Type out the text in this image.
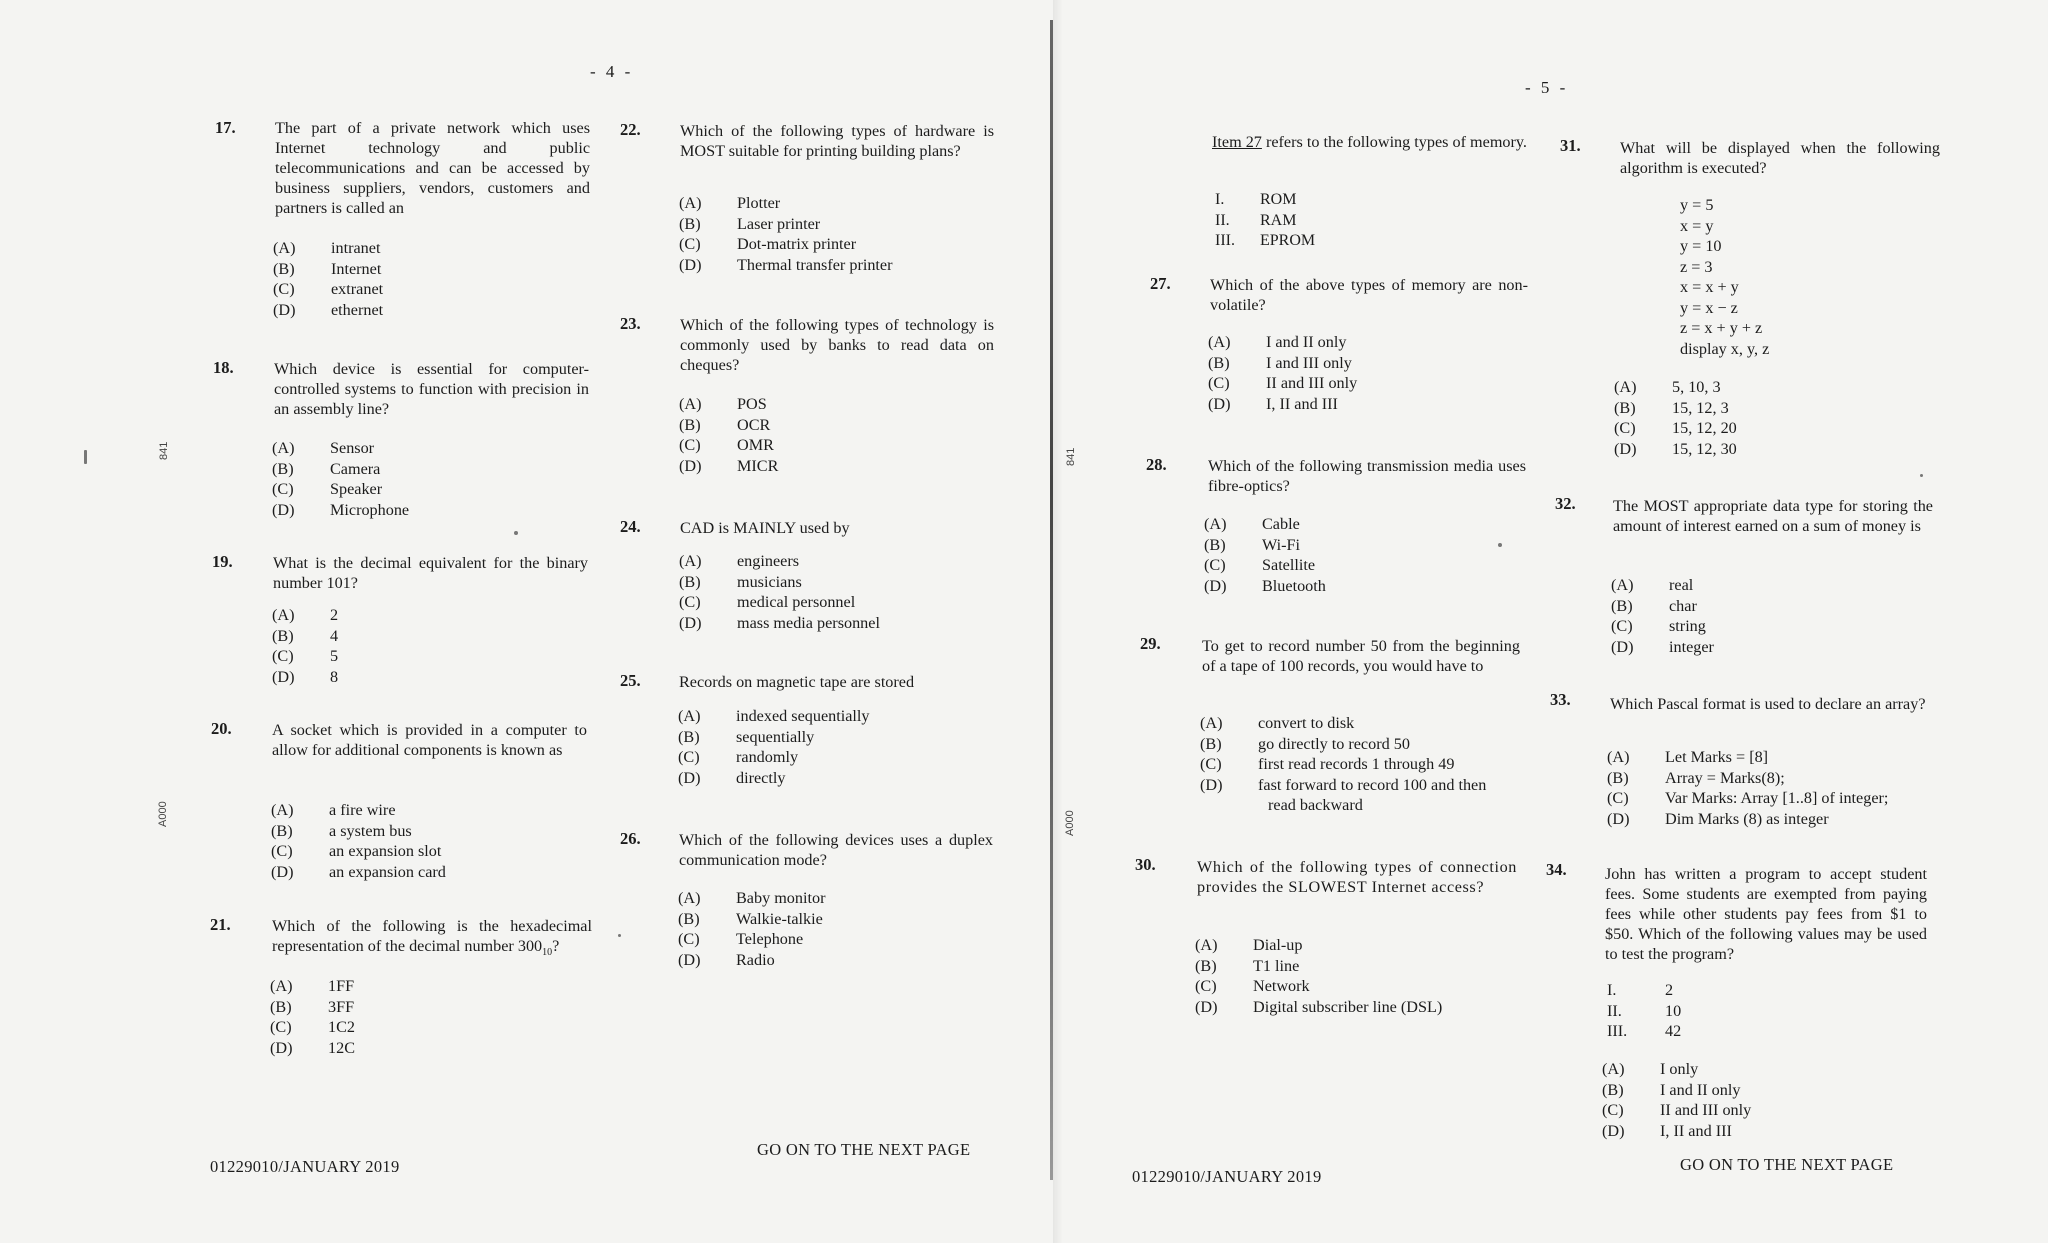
- 4 -
841
A000
17. The part of a private network which uses Internet technology and public telecommunications and can be accessed by business suppliers, vendors, customers and partners is called an
(A)	intranet
(B)	Internet
(C)	extranet
(D)	ethernet
18. Which device is essential for computer-controlled systems to function with precision in an assembly line?
(A)	Sensor
(B)	Camera
(C)	Speaker
(D)	Microphone
19. What is the decimal equivalent for the binary number 101?
(A)	2
(B)	4
(C)	5
(D)	8
20. A socket which is provided in a computer to allow for additional components is known as
(A)	a fire wire
(B)	a system bus
(C)	an expansion slot
(D)	an expansion card
21.	Which of the following is the hexadecimal representation of the decimal number $300_{10}$?
(A)	1FF
(B)	3FF
(C)	1C2
(D)	12C
22. Which of the following types of hardware is MOST suitable for printing building plans?
(A)	Plotter
(B)	Laser printer
(C)	Dot-matrix printer
(D)	Thermal transfer printer
23. Which of the following types of technology is commonly used by banks to read data on cheques?
(A)	POS
(B)	OCR
(C)	OMR
(D)	MICR
24. CAD is MAINLY used by
(A)	engineers
(B)	musicians
(C)	medical personnel
(D)	mass media personnel
25. Records on magnetic tape are stored
(A)	indexed sequentially
(B)	sequentially
(C)	randomly
(D)	directly
26. Which of the following devices uses a duplex communication mode?
(A)	Baby monitor
(B)	Walkie-talkie
(C)	Telephone
(D)	Radio
01229010/JANUARY 2019
GO ON TO THE NEXT PAGE
- 5 -
841
A000
Item 27 refers to the following types of memory.
I.	ROM
II.	RAM
III.	EPROM
27. Which of the above types of memory are non-volatile?
(A)	I and II only
(B)	I and III only
(C)	II and III only
(D)	I, II and III
28.	Which of the following transmission media uses fibre-optics?
(A)	Cable
(B)	Wi-Fi
(C)	Satellite
(D)	Bluetooth
29.	To get to record number 50 from the beginning of a tape of 100 records, you would have to
(A)	convert to disk
(B)	go directly to record 50
(C)	first read records 1 through 49
(D)	fast forward to record 100 and then
read backward
30.	Which of the following types of connection provides the SLOWEST Internet access?
(A)	Dial-up
(B)	T1 line
(C)	Network
(D)	Digital subscriber line (DSL)
31. What will be displayed when the following algorithm is executed?
y = 5
x = y
y = 10
z = 3
x = x + y
y = x − z
z = x + y + z
display x, y, z
(A)	5, 10, 3
(B)	15, 12, 3
(C)	15, 12, 20
(D)	15, 12, 30
32. The MOST appropriate data type for storing the amount of interest earned on a sum of money is
(A)	real
(B)	char
(C)	string
(D)	integer
33. Which Pascal format is used to declare an array?
(A)	Let Marks = [8]
(B)	Array = Marks(8);
(C)	Var Marks: Array [1..8] of integer;
(D)	Dim Marks (8) as integer
34. John has written a program to accept student fees. Some students are exempted from paying fees while other students pay fees from $1 to $50. Which of the following values may be used to test the program?
I.	2
II.	10
III.	42
(A)	I only
(B)	I and II only
(C)	II and III only
(D)	I, II and III
01229010/JANUARY 2019
GO ON TO THE NEXT PAGE
